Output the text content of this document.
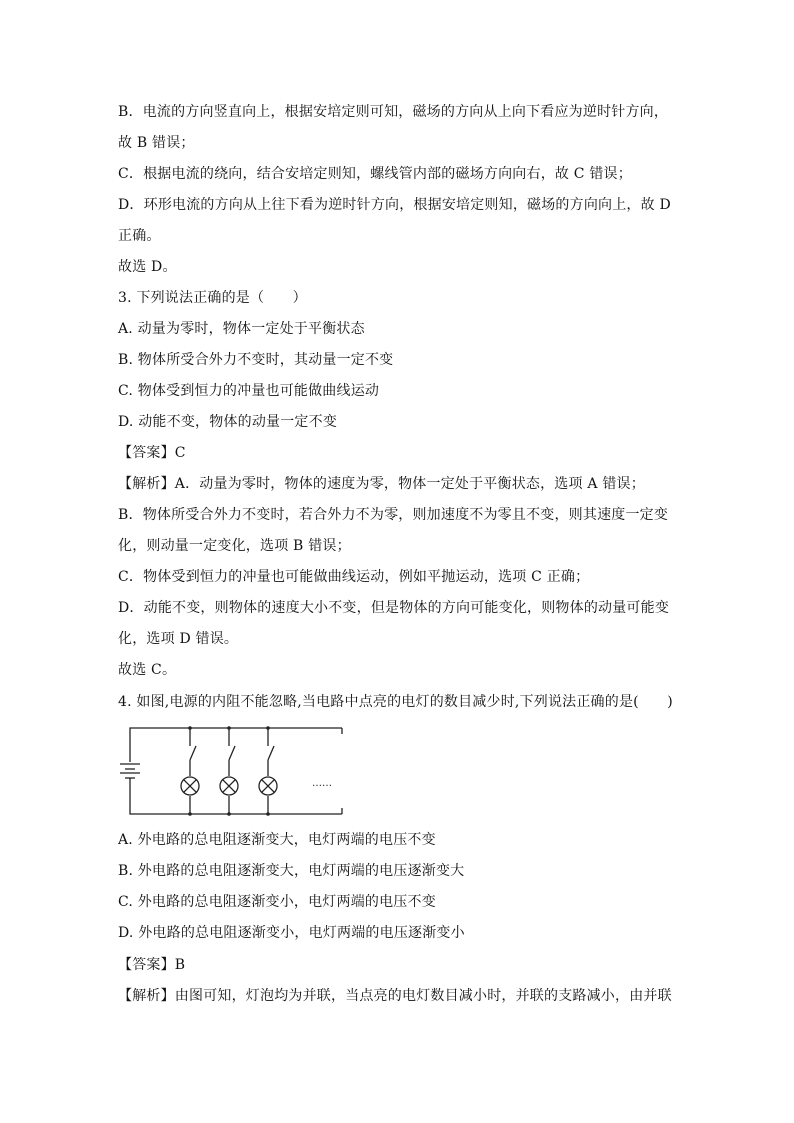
B．电流的方向竖直向上，根据安培定则可知，磁场的方向从上向下看应为逆时针方向，
故 B 错误；
C．根据电流的绕向，结合安培定则知，螺线管内部的磁场方向向右，故 C 错误；
D．环形电流的方向从上往下看为逆时针方向，根据安培定则知，磁场的方向向上，故 D
正确。
故选 D。
3. 下列说法正确的是（　　）
A. 动量为零时，物体一定处于平衡状态
B. 物体所受合外力不变时，其动量一定不变
C. 物体受到恒力的冲量也可能做曲线运动
D. 动能不变，物体的动量一定不变
【答案】C
【解析】A．动量为零时，物体的速度为零，物体一定处于平衡状态，选项 A 错误；
B．物体所受合外力不变时，若合外力不为零，则加速度不为零且不变，则其速度一定变
化，则动量一定变化，选项 B 错误；
C．物体受到恒力的冲量也可能做曲线运动，例如平抛运动，选项 C 正确；
D．动能不变，则物体的速度大小不变，但是物体的方向可能变化，则物体的动量可能变
化，选项 D 错误。
故选 C。
4. 如图,电源的内阻不能忽略,当电路中点亮的电灯的数目减少时,下列说法正确的是(　　)
……
A. 外电路的总电阻逐渐变大，电灯两端的电压不变
B. 外电路的总电阻逐渐变大，电灯两端的电压逐渐变大
C. 外电路的总电阻逐渐变小，电灯两端的电压不变
D. 外电路的总电阻逐渐变小，电灯两端的电压逐渐变小
【答案】B
【解析】由图可知，灯泡均为并联，当点亮的电灯数目减小时，并联的支路减小，由并联
